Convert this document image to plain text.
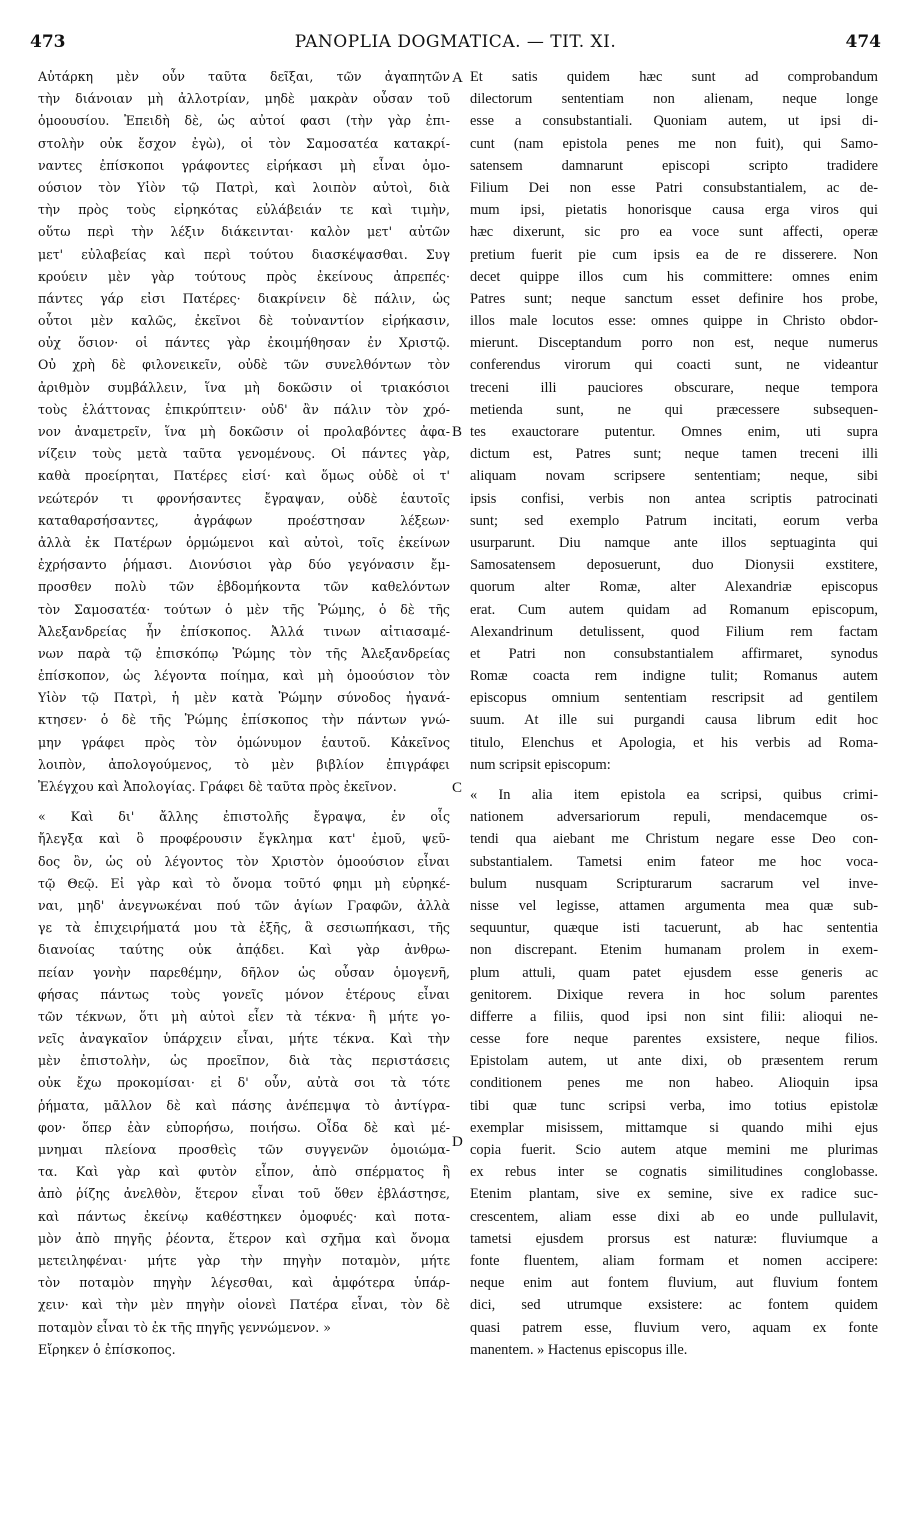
473	PANOPLIA DOGMATICA. — TIT. XI.	474
Αὐτάρκη μὲν οὖν ταῦτα δεῖξαι, τῶν ἀγαπητῶν
τὴν διάνοιαν μὴ ἀλλοτρίαν, μηδὲ μακρὰν οὖσαν τοῦ
ὁμοουσίου. Ἐπειδὴ δὲ, ὡς αὐτοί φασι (τὴν γὰρ ἐπι-
στολὴν οὐκ ἔσχον ἐγὼ), οἱ τὸν Σαμοσατέα κατακρί-
ναντες ἐπίσκοποι γράφοντες εἰρήκασι μὴ εἶναι ὁμο-
ούσιον τὸν Υἱὸν τῷ Πατρὶ, καὶ λοιπὸν αὐτοὶ, διὰ
τὴν πρὸς τοὺς εἰρηκότας εὐλάβειάν τε καὶ τιμὴν,
οὕτω περὶ τὴν λέξιν διάκεινται· καλὸν μετ' αὐτῶν
μετ' εὐλαβείας καὶ περὶ τούτου διασκέψασθαι. Συγ
κρούειν μὲν γὰρ τούτους πρὸς ἐκείνους ἀπρεπές·
πάντες γάρ εἰσι Πατέρες· διακρίνειν δὲ πάλιν, ὡς
οὗτοι μὲν καλῶς, ἐκεῖνοι δὲ τοὐναντίον εἰρήκασιν,
οὐχ ὅσιον· οἱ πάντες γὰρ ἐκοιμήθησαν ἐν Χριστῷ.
Οὐ χρὴ δὲ φιλονεικεῖν, οὐδὲ τῶν συνελθόντων τὸν
ἀριθμὸν συμβάλλειν, ἵνα μὴ δοκῶσιν οἱ τριακόσιοι
τοὺς ἐλάττονας ἐπικρύπτειν· οὐδ' ἂν πάλιν τὸν χρό-
νον ἀναμετρεῖν, ἵνα μὴ δοκῶσιν οἱ προλαβόντες ἀφα-
νίζειν τοὺς μετὰ ταῦτα γενομένους. Οἱ πάντες γὰρ,
καθὰ προείρηται, Πατέρες εἰσί· καὶ ὅμως οὐδὲ οἱ τ'
νεώτερόν τι φρονήσαντες ἔγραψαν, οὐδὲ ἑαυτοῖς
καταθαρσήσαντες, ἀγράφων προέστησαν λέξεων·
ἀλλὰ ἐκ Πατέρων ὁρμώμενοι καὶ αὐτοὶ, τοῖς ἐκείνων
ἐχρήσαντο ῥήμασι. Διονύσιοι γὰρ δύο γεγόνασιν ἔμ-
προσθεν πολὺ τῶν ἑβδομήκοντα τῶν καθελόντων
τὸν Σαμοσατέα· τούτων ὁ μὲν τῆς Ῥώμης, ὁ δὲ τῆς
Ἀλεξανδρείας ἦν ἐπίσκοπος. Ἀλλά τινων αἰτιασαμέ-
νων παρὰ τῷ ἐπισκόπῳ Ῥώμης τὸν τῆς Ἀλεξανδρείας
ἐπίσκοπον, ὡς λέγοντα ποίημα, καὶ μὴ ὁμοούσιον τὸν
Υἱὸν τῷ Πατρὶ, ἡ μὲν κατὰ Ῥώμην σύνοδος ἠγανά-
κτησεν· ὁ δὲ τῆς Ῥώμης ἐπίσκοπος τὴν πάντων γνώ-
μην γράφει πρὸς τὸν ὁμώνυμον ἑαυτοῦ. Κἀκεῖνος
λοιπὸν, ἀπολογούμενος, τὸ μὲν βιβλίον ἐπιγράφει
Ἐλέγχου καὶ Ἀπολογίας. Γράφει δὲ ταῦτα πρὸς ἐκεῖνον.
« Καὶ δι' ἄλλης ἐπιστολῆς ἔγραψα, ἐν οἷς
ἤλεγξα καὶ ὃ προφέρουσιν ἔγκλημα κατ' ἐμοῦ, ψεῦ-
δος ὂν, ὡς οὐ λέγοντος τὸν Χριστὸν ὁμοούσιον εἶναι
τῷ Θεῷ. Εἰ γὰρ καὶ τὸ ὄνομα τοῦτό φημι μὴ εὑρηκέ-
ναι, μηδ' ἀνεγνωκέναι πού τῶν ἁγίων Γραφῶν, ἀλλὰ
γε τὰ ἐπιχειρήματά μου τὰ ἑξῆς, ἃ σεσιωπήκασι, τῆς
διανοίας ταύτης οὐκ ἀπᾴδει. Καὶ γὰρ ἀνθρω-
πείαν γονὴν παρεθέμην, δῆλον ὡς οὖσαν ὁμογενῆ,
φήσας πάντως τοὺς γονεῖς μόνον ἑτέρους εἶναι
τῶν τέκνων, ὅτι μὴ αὐτοὶ εἶεν τὰ τέκνα· ἢ μήτε γο-
νεῖς ἀναγκαῖον ὑπάρχειν εἶναι, μήτε τέκνα. Καὶ τὴν
μὲν ἐπιστολὴν, ὡς προεῖπον, διὰ τὰς περιστάσεις
οὐκ ἔχω προκομίσαι· εἰ δ' οὖν, αὐτὰ σοι τὰ τότε
ῥήματα, μᾶλλον δὲ καὶ πάσης ἀνέπεμψα τὸ ἀντίγρα-
φον· ὅπερ ἐὰν εὐπορήσω, ποιήσω. Οἶδα δὲ καὶ μέ-
μνημαι πλείονα προσθεὶς τῶν συγγενῶν ὁμοιώμα-
τα. Καὶ γὰρ καὶ φυτὸν εἶπον, ἀπὸ σπέρματος ἢ
ἀπὸ ῥίζης ἀνελθὸν, ἕτερον εἶναι τοῦ ὅθεν ἐβλάστησε,
καὶ πάντως ἐκείνῳ καθέστηκεν ὁμοφυές· καὶ ποτα-
μὸν ἀπὸ πηγῆς ῥέοντα, ἕτερον καὶ σχῆμα καὶ ὄνομα
μετειληφέναι· μήτε γὰρ τὴν πηγὴν ποταμὸν, μήτε
τὸν ποταμὸν πηγὴν λέγεσθαι, καὶ ἀμφότερα ὑπάρ-
χειν· καὶ τὴν μὲν πηγὴν οἱονεὶ Πατέρα εἶναι, τὸν δὲ
ποταμὸν εἶναι τὸ ἐκ τῆς πηγῆς γεννώμενον. »
Εἴρηκεν ὁ ἐπίσκοπος.
Et satis quidem hæc sunt ad comprobandum
dilectorum sententiam non alienam, neque longe
esse a consubstantiali. Quoniam autem, ut ipsi di-
cunt (nam epistola penes me non fuit), qui Samo-
satensem damnarunt episcopi scripto tradidere
Filium Dei non esse Patri consubstantialem, ac de-
mum ipsi, pietatis honorisque causa erga viros qui
hæc dixerunt, sic pro ea voce sunt affecti, operæ
pretium fuerit pie cum ipsis ea de re disserere. Non
decet quippe illos cum his committere: omnes enim
Patres sunt; neque sanctum esset definire hos probe,
illos male locutos esse: omnes quippe in Christo obdor-
mierunt. Disceptandum porro non est, neque numerus
conferendus virorum qui coacti sunt, ne videantur
treceni illi pauciores obscurare, neque tempora
metienda sunt, ne qui præcessere subsequen-
tes exauctorare putentur. Omnes enim, uti supra
dictum est, Patres sunt; neque tamen treceni illi
aliquam novam scripsere sententiam; neque, sibi
ipsis confisi, verbis non antea scriptis patrocinati
sunt; sed exemplo Patrum incitati, eorum verba
usurparunt. Diu namque ante illos septuaginta qui
Samosatensem deposuerunt, duo Dionysii exstitere,
quorum alter Romæ, alter Alexandriæ episcopus
erat. Cum autem quidam ad Romanum episcopum,
Alexandrinum detulissent, quod Filium rem factam
et Patri non consubstantialem affirmaret, synodus
Romæ coacta rem indigne tulit; Romanus autem
episcopus omnium sententiam rescripsit ad gentilem
suum. At ille sui purgandi causa librum edit hoc
titulo, Elenchus et Apologia, et his verbis ad Roma-
num scripsit episcopum:
« In alia item epistola ea scripsi, quibus crimi-
nationem adversariorum repuli, mendacemque os-
tendi qua aiebant me Christum negare esse Deo con-
substantialem. Tametsi enim fateor me hoc voca-
bulum nusquam Scripturarum sacrarum vel inve-
nisse vel legisse, attamen argumenta mea quæ sub-
sequuntur, quæque isti tacuerunt, ab hac sententia
non discrepant. Etenim humanam prolem in exem-
plum attuli, quam patet ejusdem esse generis ac
genitorem. Dixique revera in hoc solum parentes
differre a filiis, quod ipsi non sint filii: alioqui ne-
cesse fore neque parentes exsistere, neque filios.
Epistolam autem, ut ante dixi, ob præsentem rerum
conditionem penes me non habeo. Alioquin ipsa
tibi quæ tunc scripsi verba, imo totius epistolæ
exemplar misissem, mittamque si quando mihi ejus
copia fuerit. Scio autem atque memini me plurimas
ex rebus inter se cognatis similitudines conglobasse.
Etenim plantam, sive ex semine, sive ex radice suc-
crescentem, aliam esse dixi ab eo unde pullulavit,
tametsi ejusdem prorsus est naturæ: fluviumque a
fonte fluentem, aliam formam et nomen accipere:
neque enim aut fontem fluvium, aut fluvium fontem
dici, sed utrumque exsistere: ac fontem quidem
quasi patrem esse, fluvium vero, aquam ex fonte
manentem. » Hactenus episcopus ille.
A
B
C
D
